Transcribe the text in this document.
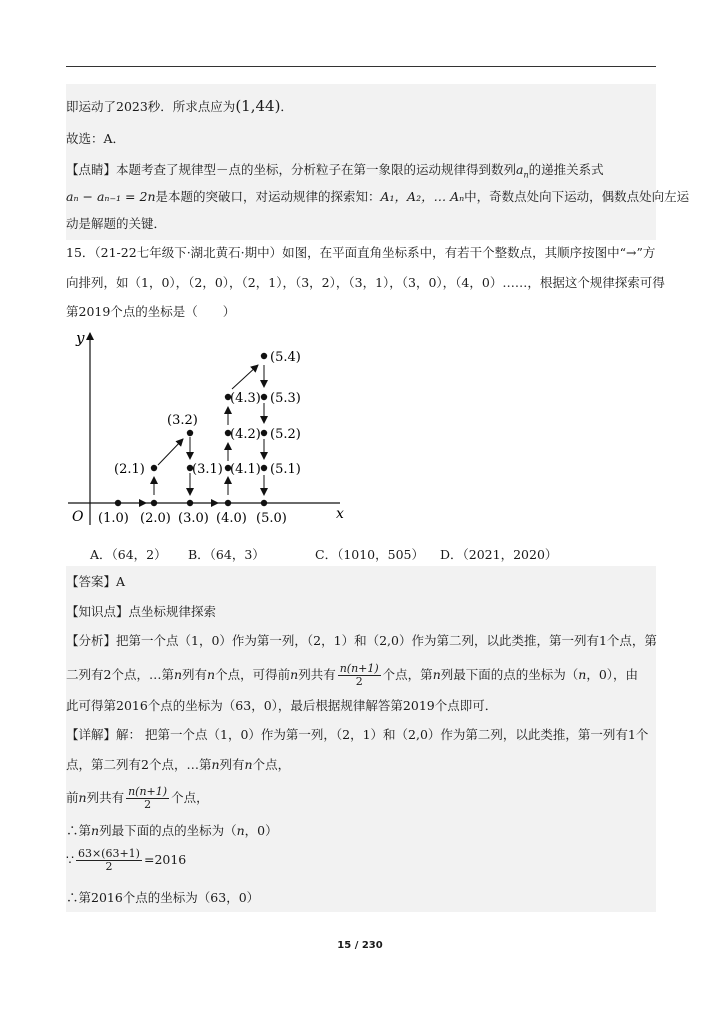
即运动了2023秒．所求点应为(1,44)．
故选：A．
【点睛】本题考查了规律型－点的坐标，分析粒子在第一象限的运动规律得到数列$a_n$的递推关系式
aₙ − aₙ₋₁ = 2n是本题的突破口，对运动规律的探索知：A₁，A₂，… Aₙ中，奇数点处向下运动，偶数点处向左运
动是解题的关键．
15．（21-22七年级下·湖北黄石·期中）如图，在平面直角坐标系中，有若干个整数点，其顺序按图中“→”方
向排列，如（1，0），（2，0），（2，1），（3，2），（3，1），（3，0），（4，0）……，根据这个规律探索可得
第2019个点的坐标是（　　）
y
x
O (1.0) (2.0) (3.0) (4.0) (5.0)
(2.1)
(3.2)
(3.1) (4.1)
(4.2)
(4.3)
(5.4)
(5.3)
(5.2)
(5.1)
A．（64，2） B．（64，3）	C．（1010，505） D．（2021，2020）
【答案】A
【知识点】点坐标规律探索
【分析】把第一个点（1，0）作为第一列，（2，1）和（2,0）作为第二列，以此类推，第一列有1个点，第
二列有2个点，…第n列有n个点，可得前n列共有 $\frac{n(n+1)}{2}$ 个点，第n列最下面的点的坐标为（n，0），由
此可得第2016个点的坐标为（63，0），最后根据规律解答第2019个点即可．
【详解】解： 把第一个点（1，0）作为第一列，（2，1）和（2,0）作为第二列，以此类推，第一列有1个
点，第二列有2个点，…第n列有n个点，
前n列共有 $\frac{n(n+1)}{2}$ 个点，
∴第n列最下面的点的坐标为（n，0）
∵ $\frac{63\times(63+1)}{2} =2016$
∴第2016个点的坐标为（63，0）
15 / 230
